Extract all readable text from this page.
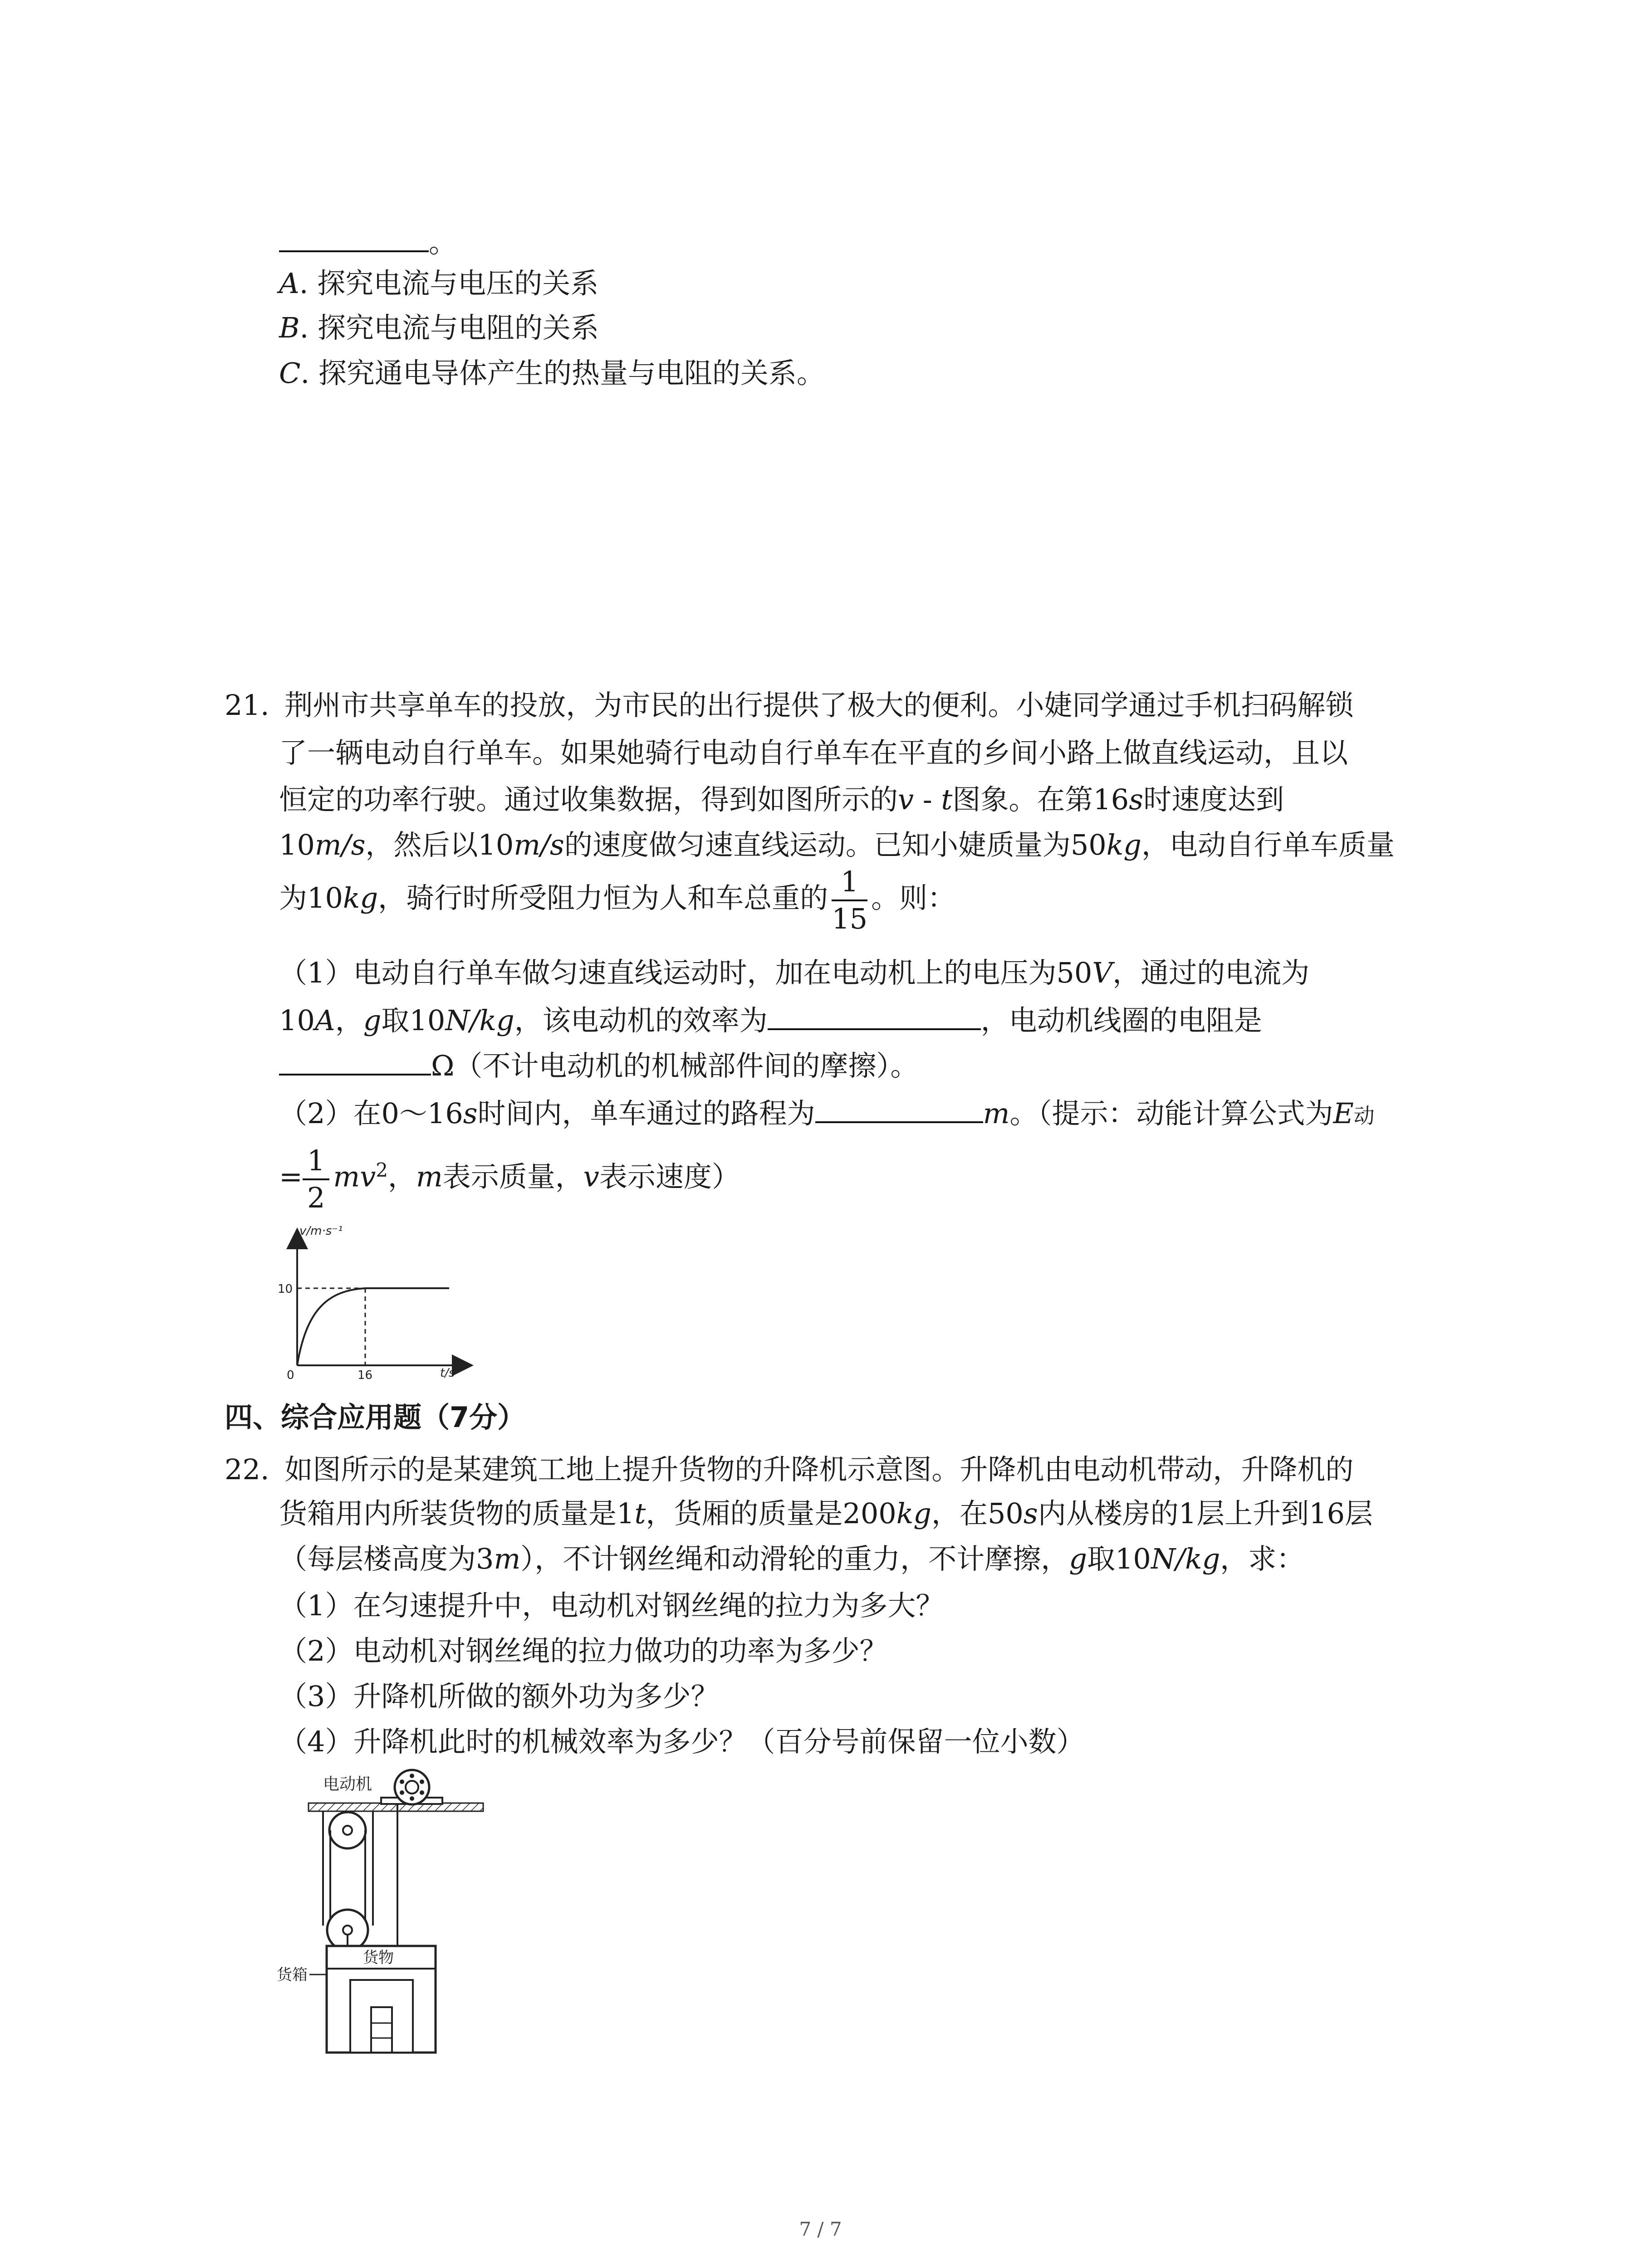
。
A. 探究电流与电压的关系
B. 探究电流与电阻的关系
C. 探究通电导体产生的热量与电阻的关系。
21. 荆州市共享单车的投放，为市民的出行提供了极大的便利。小婕同学通过手机扫码解锁
了一辆电动自行单车。如果她骑行电动自行单车在平直的乡间小路上做直线运动，且以
恒定的功率行驶。通过收集数据，得到如图所示的v - t图象。在第16s时速度达到
10m/s，然后以10m/s的速度做匀速直线运动。已知小婕质量为50kg，电动自行单车质量
为10kg，骑行时所受阻力恒为人和车总重的 $\frac{1}{15}$ 。则：
（1）电动自行单车做匀速直线运动时，加在电动机上的电压为50V，通过的电流为
10A，g取10N/kg，该电动机的效率为	，电动机线圈的电阻是
Ω（不计电动机的机械部件间的摩擦）。
（2）在0～16s时间内，单车通过的路程为	m。（提示：动能计算公式为E动
= $\frac{1}{2} mv^2$，m表示质量，v表示速度）
v/m·s⁻¹
t/s
10
16
0
四、综合应用题（7分）
22. 如图所示的是某建筑工地上提升货物的升降机示意图。升降机由电动机带动，升降机的
货箱用内所装货物的质量是1t，货厢的质量是200kg，在50s内从楼房的1层上升到16层
（每层楼高度为3m），不计钢丝绳和动滑轮的重力，不计摩擦，g取10N/kg，求：
（1）在匀速提升中，电动机对钢丝绳的拉力为多大？
（2）电动机对钢丝绳的拉力做功的功率为多少？
（3）升降机所做的额外功为多少？
（4）升降机此时的机械效率为多少？（百分号前保留一位小数）
电动机
货物
货箱
7 / 7
